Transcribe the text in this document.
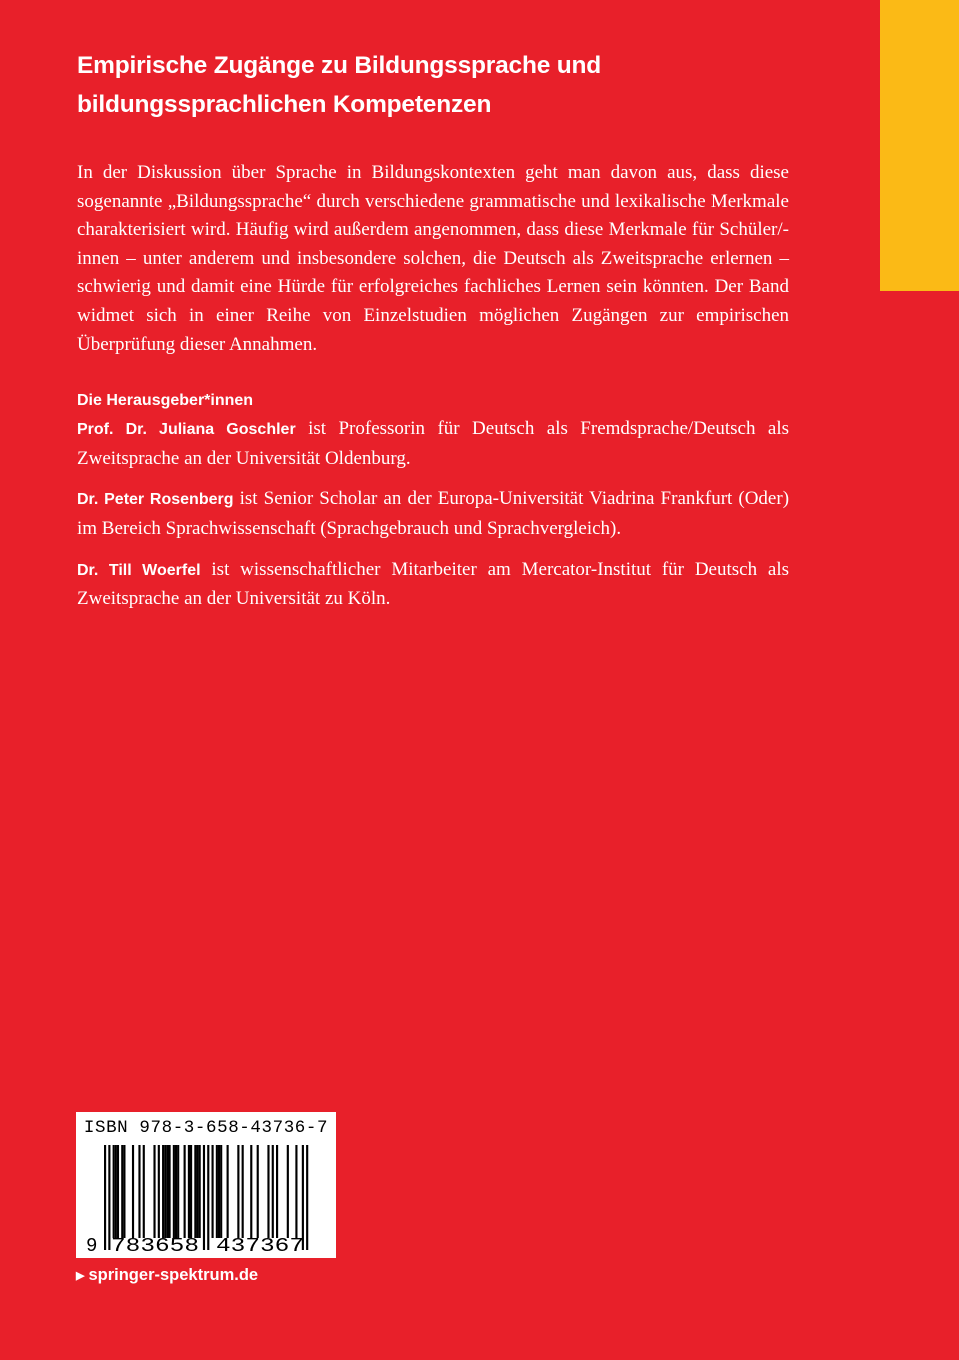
Empirische Zugänge zu Bildungssprache und
bildungssprachlichen Kompetenzen

In der Diskussion über Sprache in Bildungskontexten geht man davon aus, dass diese sogenannte „Bildungssprache“ durch verschiedene grammatische und lexikalische Merkmale charakterisiert wird. Häufig wird außerdem angenommen, dass diese Merkmale für Schüler/-innen – unter anderem und insbesondere solchen, die Deutsch als Zweitsprache erlernen – schwierig und damit eine Hürde für erfolgreiches fachliches Lernen sein könnten. Der Band widmet sich in einer Reihe von Einzelstudien möglichen Zugängen zur empirischen Überprüfung dieser Annahmen.

Die Herausgeber*innen

Prof. Dr. Juliana Goschler ist Professorin für Deutsch als Fremdsprache/Deutsch als Zweitsprache an der Universität Oldenburg.

Dr. Peter Rosenberg ist Senior Scholar an der Europa-Universität Viadrina Frankfurt (Oder) im Bereich Sprachwissenschaft (Sprachgebrauch und Sprachvergleich).

Dr. Till Woerfel ist wissenschaftlicher Mitarbeiter am Mercator-Institut für Deutsch als Zweitsprache an der Universität zu Köln.

ISBN 978-3-658-43736-7
9 783658 437367
▶ springer-spektrum.de
